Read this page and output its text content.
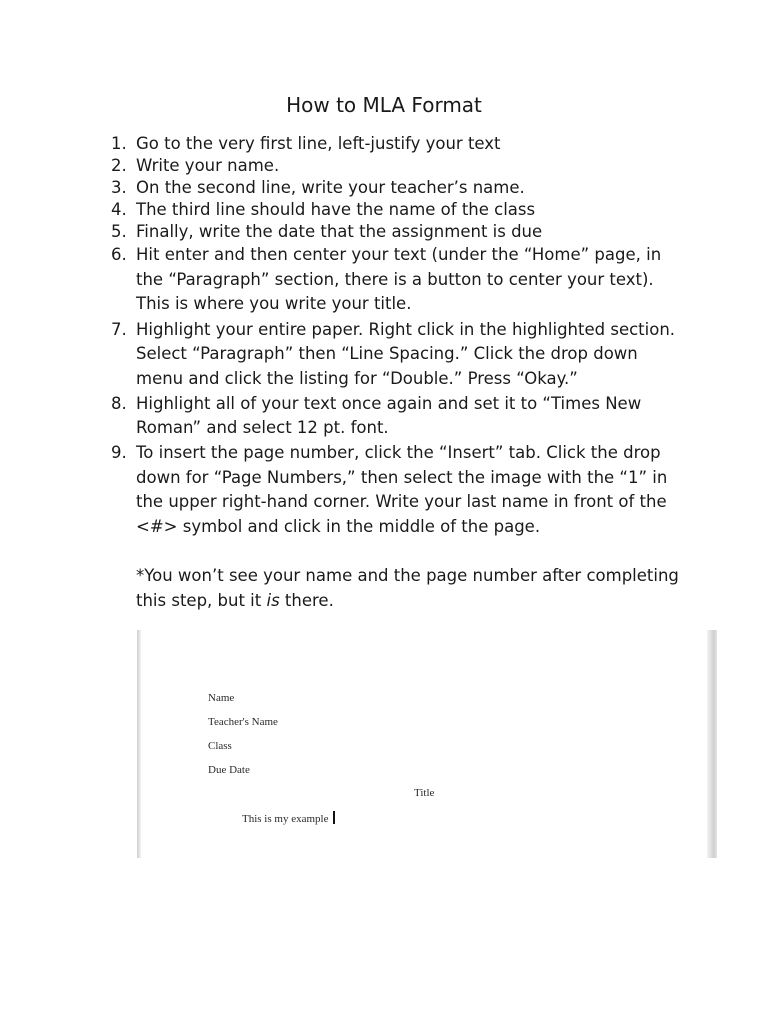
How to MLA Format
1. Go to the very first line, left-justify your text
2. Write your name.
3. On the second line, write your teacher’s name.
4. The third line should have the name of the class
5. Finally, write the date that the assignment is due
6. Hit enter and then center your text (under the “Home” page, in the “Paragraph” section, there is a button to center your text). This is where you write your title.
7. Highlight your entire paper. Right click in the highlighted section. Select “Paragraph” then “Line Spacing.” Click the drop down menu and click the listing for “Double.” Press “Okay.”
8. Highlight all of your text once again and set it to “Times New Roman” and select 12 pt. font.
9. To insert the page number, click the “Insert” tab. Click the drop down for “Page Numbers,” then select the image with the “1” in the upper right-hand corner. Write your last name in front of the <#> symbol and click in the middle of the page.
*You won’t see your name and the page number after completing this step, but it is there.
Name
Teacher's Name
Class
Due Date
Title
This is my example
